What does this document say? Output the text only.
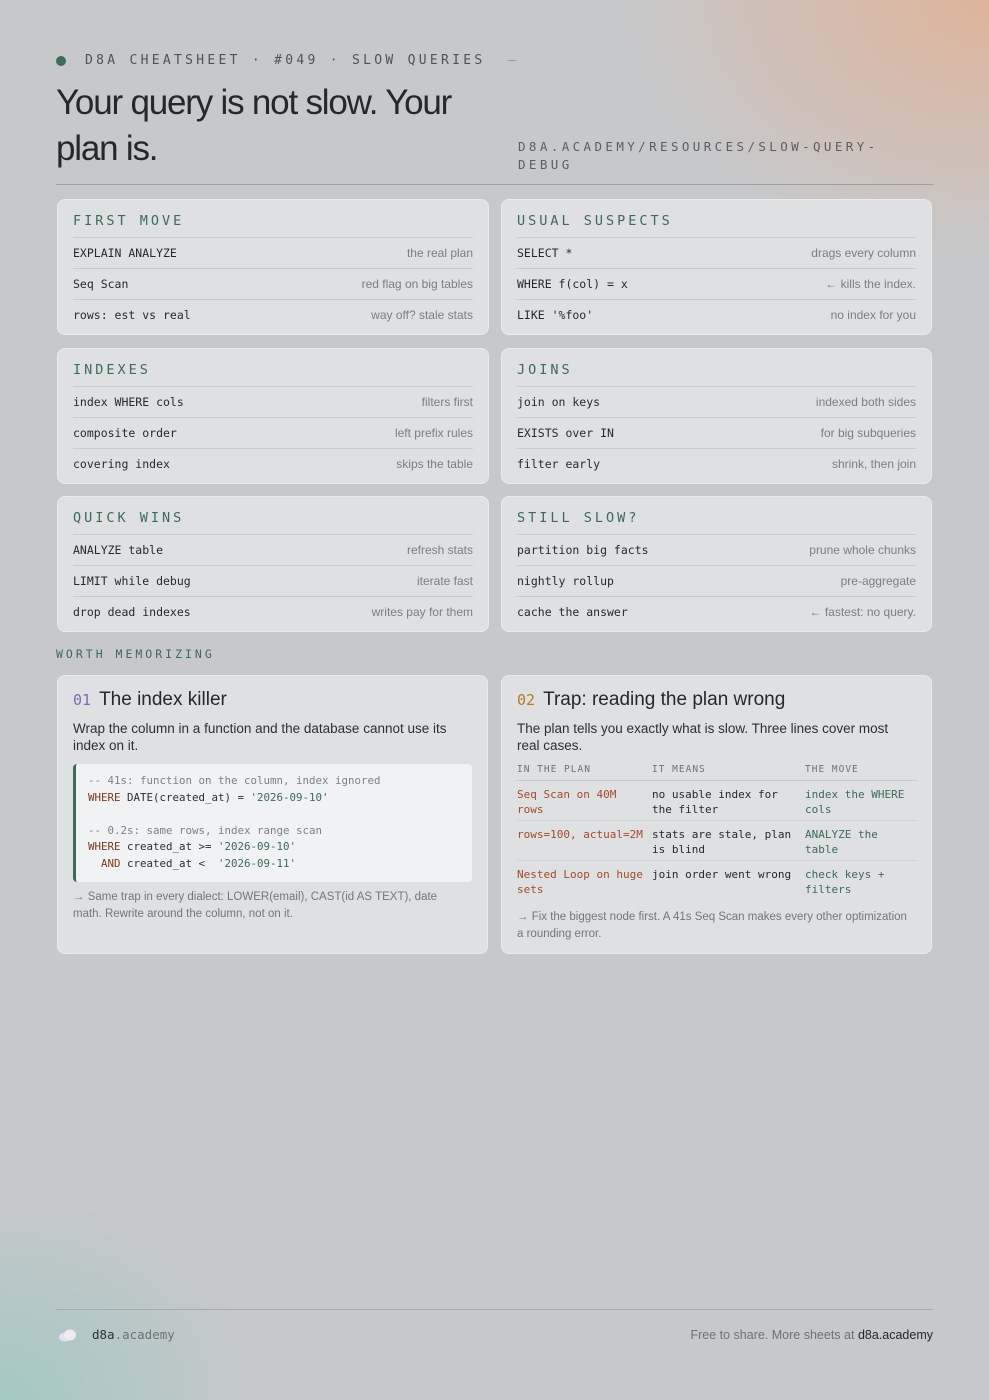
D8A CHEATSHEET · #049 · SLOW QUERIES
Your query is not slow. Your plan is.	D8A.ACADEMY/RESOURCES/SLOW-QUERY-DEBUG
FIRST MOVE
EXPLAIN ANALYZE	the real plan
Seq Scan	red flag on big tables
rows: est vs real	way off? stale stats
USUAL SUSPECTS
SELECT *	drags every column
WHERE f(col) = x	← kills the index.
LIKE '%foo'	no index for you
INDEXES
index WHERE cols	filters first
composite order	left prefix rules
covering index	skips the table
JOINS
join on keys	indexed both sides
EXISTS over IN	for big subqueries
filter early	shrink, then join
QUICK WINS
ANALYZE table	refresh stats
LIMIT while debug	iterate fast
drop dead indexes	writes pay for them
STILL SLOW?
partition big facts	prune whole chunks
nightly rollup	pre-aggregate
cache the answer	← fastest: no query.
WORTH MEMORIZING
01 The index killer
Wrap the column in a function and the database cannot use its index on it.
-- 41s: function on the column, index ignored
WHERE DATE(created_at) = '2026-09-10'

-- 0.2s: same rows, index range scan
WHERE created_at >= '2026-09-10'
AND created_at <  '2026-09-11'
→ Same trap in every dialect: LOWER(email), CAST(id AS TEXT), date math. Rewrite around the column, not on it.
02 Trap: reading the plan wrong
The plan tells you exactly what is slow. Three lines cover most real cases.
IN THE PLAN	IT MEANS	THE MOVE
Seq Scan on 40M rows	no usable index for the filter	index the WHERE cols
rows=100, actual=2M	stats are stale, plan is blind	ANALYZE the table
Nested Loop on huge sets	join order went wrong	check keys + filters
→ Fix the biggest node first. A 41s Seq Scan makes every other optimization a rounding error.
d8a.academy	Free to share. More sheets at d8a.academy
